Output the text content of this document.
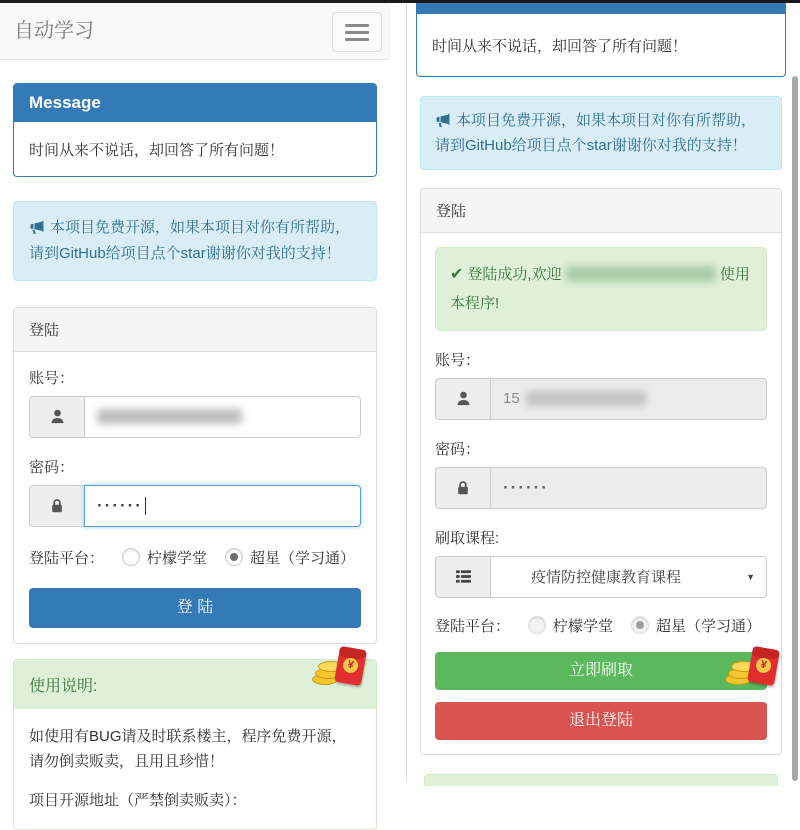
自动学习
Message
时间从来不说话，却回答了所有问题！
本项目免费开源，如果本项目对你有所帮助，请到GitHub给项目点个star谢谢你对我的支持！
登陆
账号：
密码：
······
登陆平台：	柠檬学堂	超星（学习通）
登 陆
¥
使用说明:

如使用有BUG请及时联系楼主，程序免费开源，请勿倒卖贩卖，且用且珍惜！

项目开源地址（严禁倒卖贩卖）：

时间从来不说话，却回答了所有问题！
本项目免费开源，如果本项目对你有所帮助，请到GitHub给项目点个star谢谢你对我的支持！
登陆
✔ 登陆成功,欢迎	使用本程序!
账号：
15
密码：
······
刷取课程:
疫情防控健康教育课程	▼
登陆平台：	柠檬学堂	超星（学习通）
立即刷取	¥
退出登陆
